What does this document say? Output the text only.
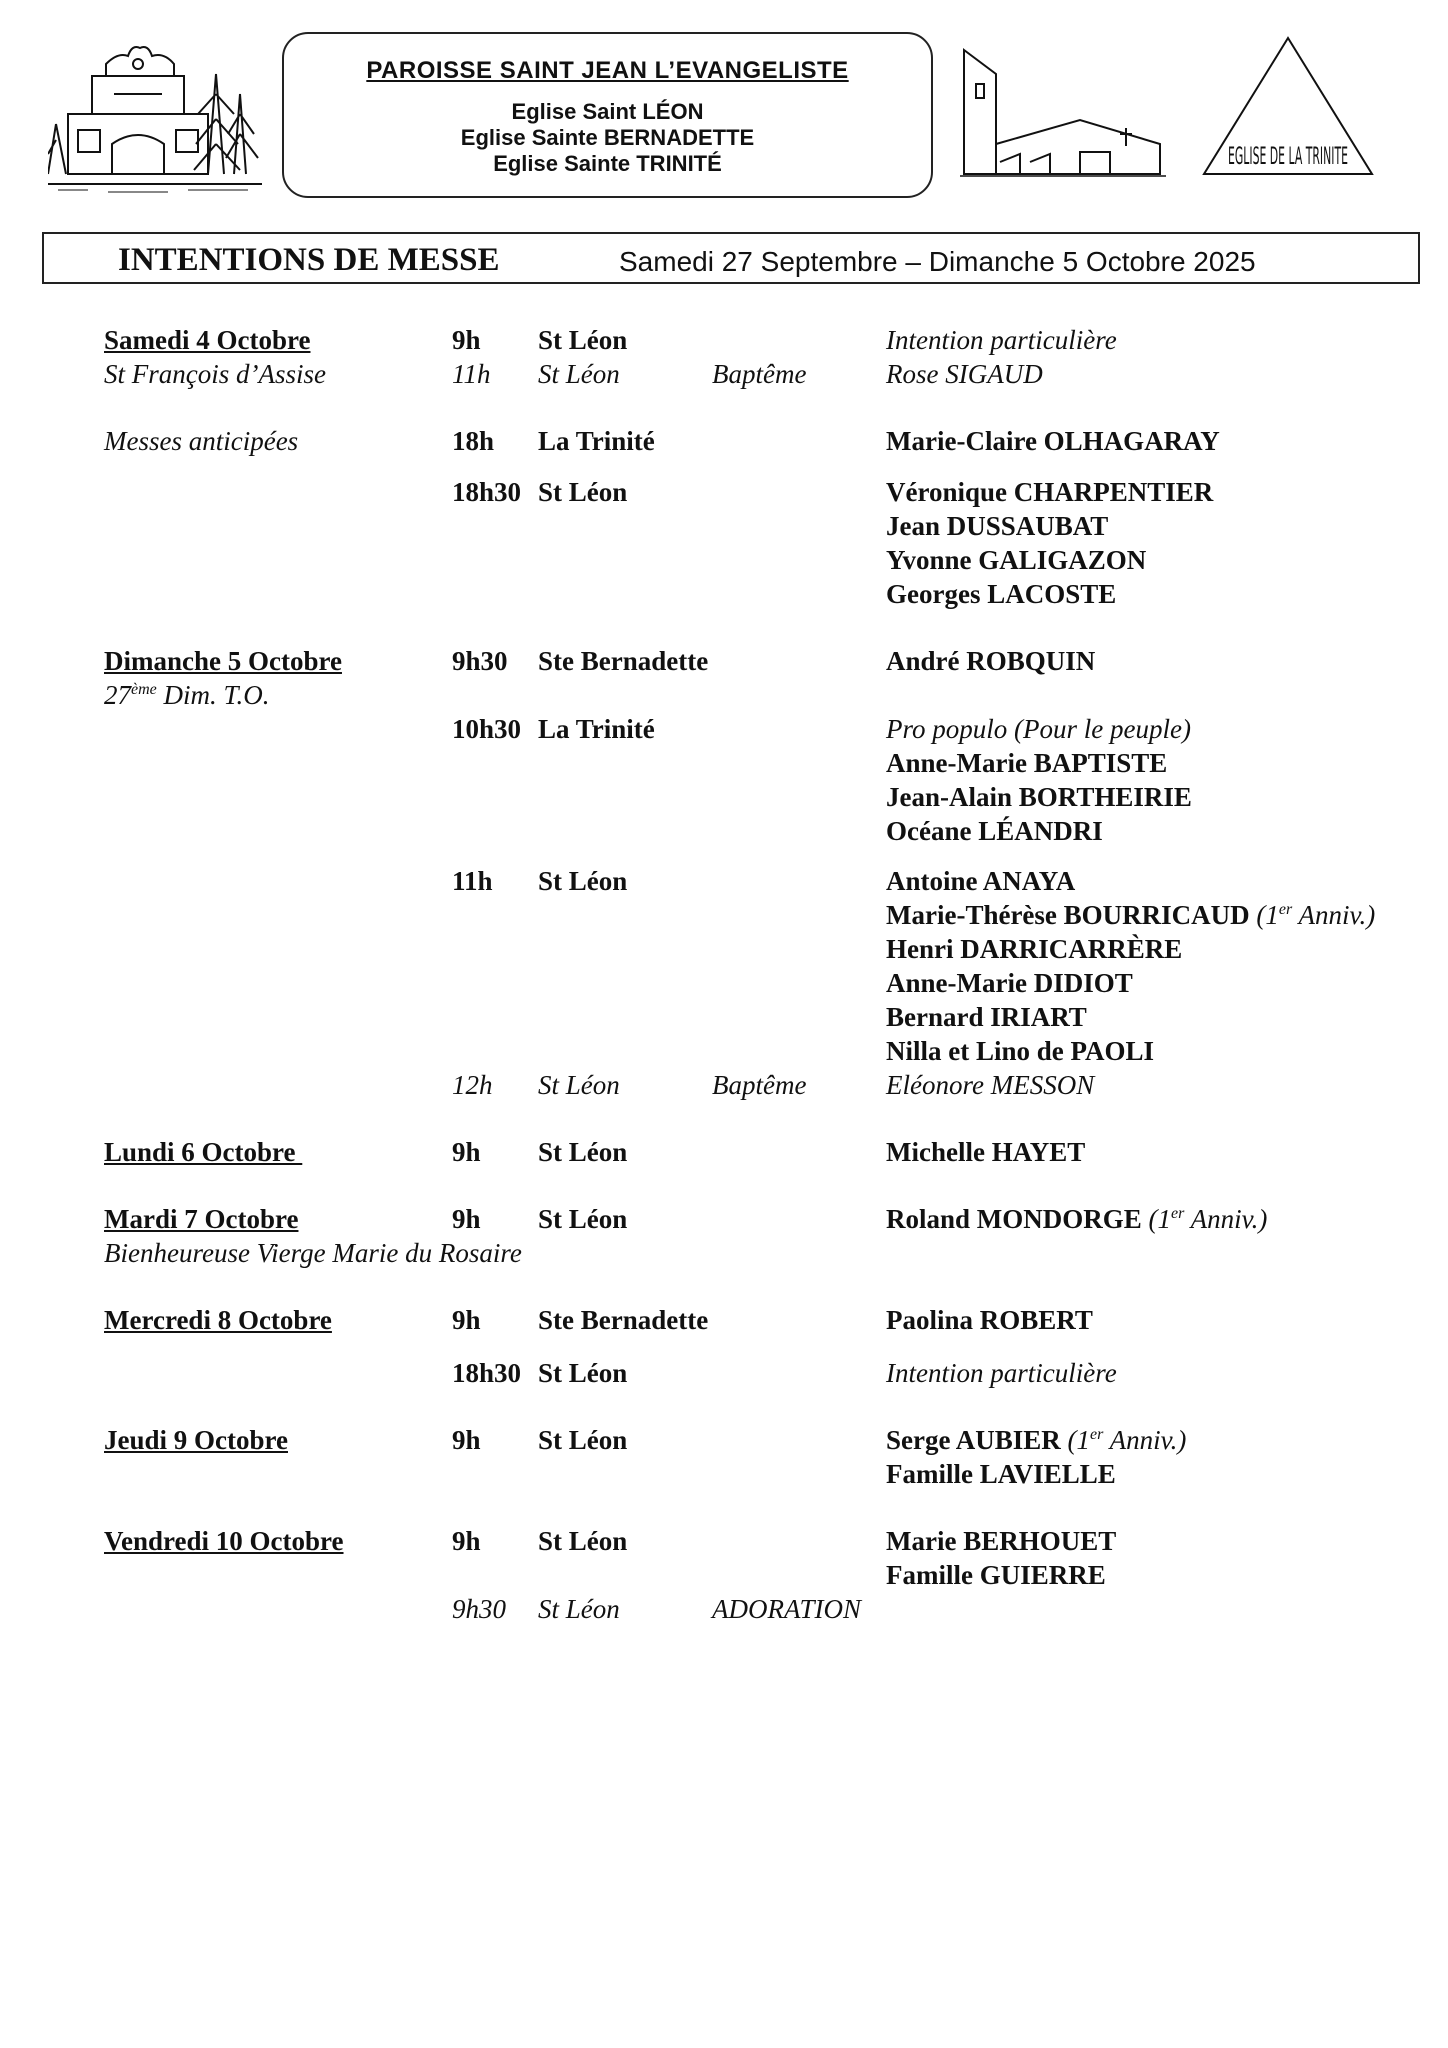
PAROISSE SAINT JEAN L’EVANGELISTE
Eglise Saint LÉON
Eglise Sainte BERNADETTE
Eglise Sainte TRINITÉ	EGLISE DE LA TRINITE
INTENTIONS DE MESSE	Samedi 27 Septembre – Dimanche 5 Octobre 2025
Samedi 4 Octobre	9h St Léon	Intention particulière
St François d’Assise	11h St Léon	Baptême	Rose SIGAUD
Messes anticipées	18h La Trinité	Marie-Claire OLHAGARAY
18h30 St Léon	Véronique CHARPENTIER
Jean DUSSAUBAT
Yvonne GALIGAZON
Georges LACOSTE
Dimanche 5 Octobre	9h30 Ste Bernadette	André ROBQUIN
27ème Dim. T.O.
10h30 La Trinité	Pro populo (Pour le peuple)
Anne-Marie BAPTISTE
Jean-Alain BORTHEIRIE
Océane LÉANDRI
11h St Léon	Antoine ANAYA
Marie-Thérèse BOURRICAUD (1er Anniv.)
Henri DARRICARRÈRE
Anne-Marie DIDIOT
Bernard IRIART
Nilla et Lino de PAOLI
12h St Léon	Baptême	Eléonore MESSON
Lundi 6 Octobre	9h St Léon	Michelle HAYET
Mardi 7 Octobre	9h St Léon	Roland MONDORGE (1er Anniv.)
Bienheureuse Vierge Marie du Rosaire
Mercredi 8 Octobre	9h Ste Bernadette	Paolina ROBERT
18h30 St Léon	Intention particulière
Jeudi 9 Octobre	9h St Léon	Serge AUBIER (1er Anniv.)
Famille LAVIELLE
Vendredi 10 Octobre	9h St Léon	Marie BERHOUET
Famille GUIERRE
9h30 St Léon	ADORATION
